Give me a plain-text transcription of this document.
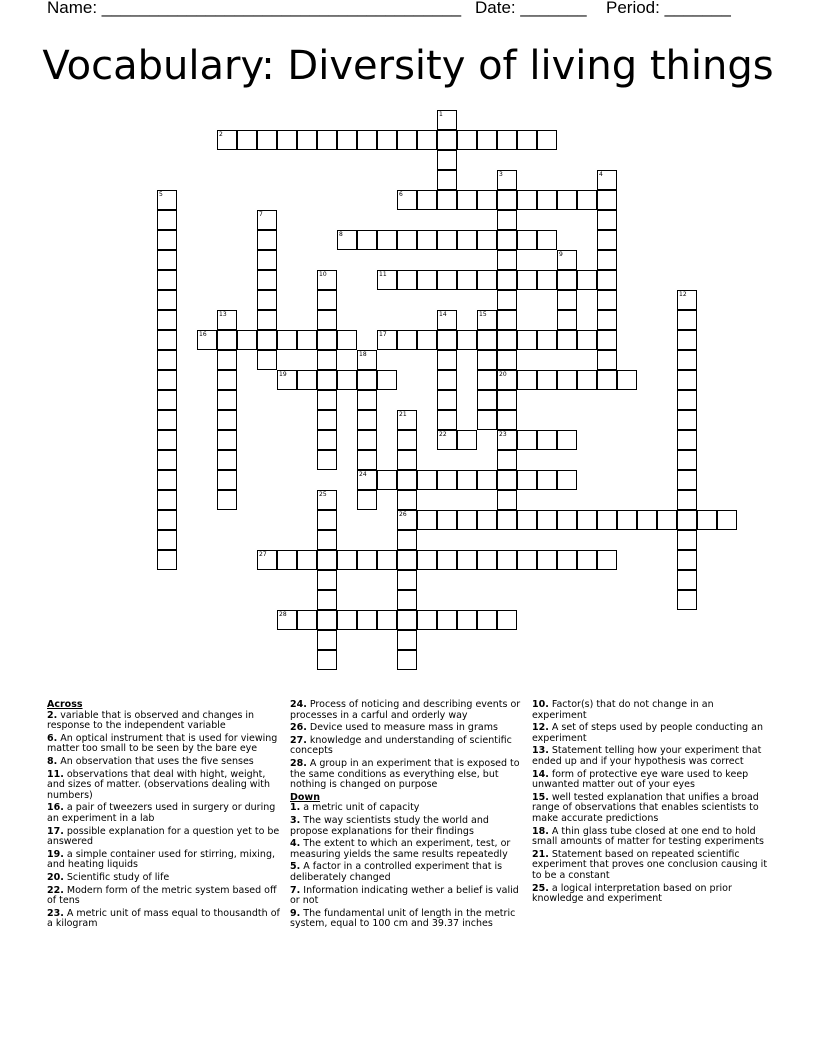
Name: ______________________________________ Date: _______ Period: _______
Vocabulary: Diversity of living things
1
2
3
20
23
4
5	6
7
8
9
10	11
12
13	14
22
15
16	17
18
24
19
21
26
25
27
28
Across
2. variable that is observed and changes in response to the independent variable
6. An optical instrument that is used for viewing matter too small to be seen by the bare eye
8. An observation that uses the five senses
11. observations that deal with hight, weight, and sizes of matter. (observations dealing with numbers)
16. a pair of tweezers used in surgery or during an experiment in a lab
17. possible explanation for a question yet to be answered
19. a simple container used for stirring, mixing, and heating liquids
20. Scientific study of life
22. Modern form of the metric system based off of tens
23. A metric unit of mass equal to thousandth of a kilogram
24. Process of noticing and describing events or processes in a carful and orderly way
26. Device used to measure mass in grams
27. knowledge and understanding of scientific concepts
28. A group in an experiment that is exposed to the same conditions as everything else, but nothing is changed on purpose
Down
1. a metric unit of capacity
3. The way scientists study the world and propose explanations for their findings
4. The extent to which an experiment, test, or measuring yields the same results repeatedly
5. A factor in a controlled experiment that is deliberately changed
7. Information indicating wether a belief is valid or not
9. The fundamental unit of length in the metric system, equal to 100 cm and 39.37 inches
10. Factor(s) that do not change in an experiment
12. A set of steps used by people conducting an experiment
13. Statement telling how your experiment that ended up and if your hypothesis was correct
14. form of protective eye ware used to keep unwanted matter out of your eyes
15. well tested explanation that unifies a broad range of observations that enables scientists to make accurate predictions
18. A thin glass tube closed at one end to hold small amounts of matter for testing experiments
21. Statement based on repeated scientific experiment that proves one conclusion causing it to be a constant
25. a logical interpretation based on prior knowledge and experiment
